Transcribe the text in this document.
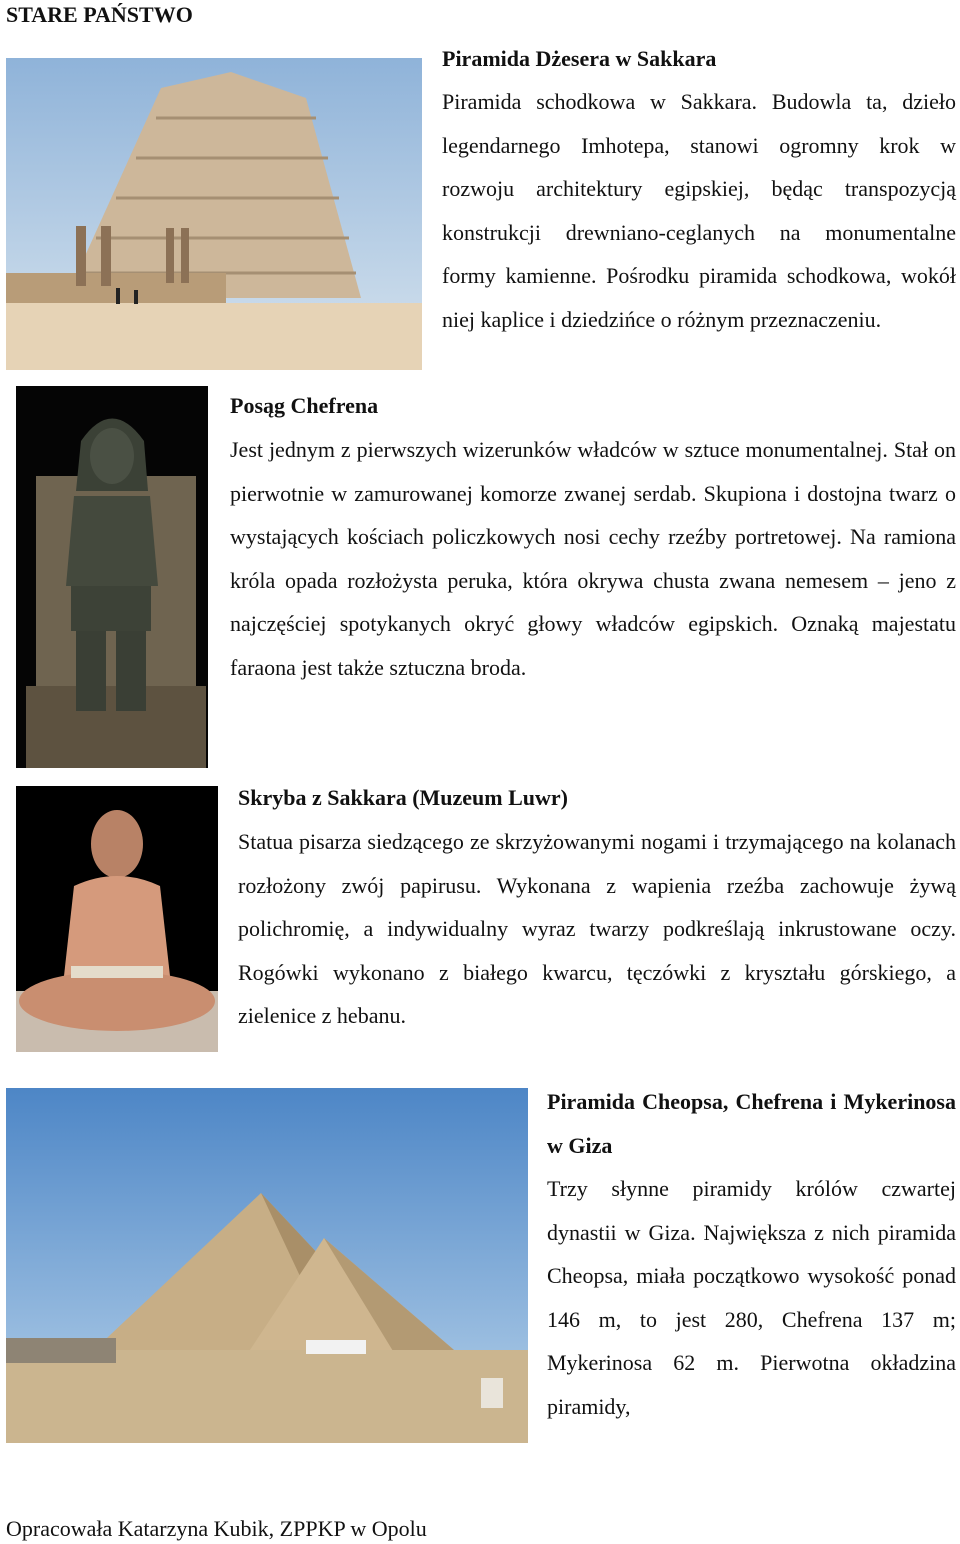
STARE PAŃSTWO
Piramida Dżesera w Sakkara
Piramida schodkowa w Sakkara. Budowla ta, dzieło legendarnego Imhotepa, stanowi ogromny krok w rozwoju architektury egipskiej, będąc transpozycją konstrukcji drewniano-ceglanych na monumentalne formy kamienne. Pośrodku piramida schodkowa, wokół niej kaplice i dziedzińce o różnym przeznaczeniu.
Posąg Chefrena
Jest jednym z pierwszych wizerunków władców w sztuce monumentalnej. Stał on pierwotnie w zamurowanej komorze zwanej serdab. Skupiona i dostojna twarz o wystających kościach policzkowych nosi cechy rzeźby portretowej. Na ramiona króla opada rozłożysta peruka, która okrywa chusta zwana nemesem – jeno z najczęściej spotykanych okryć głowy władców egipskich. Oznaką majestatu faraona jest także sztuczna broda.
Skryba z Sakkara (Muzeum Luwr)
Statua pisarza siedzącego ze skrzyżowanymi nogami i trzymającego na kolanach rozłożony zwój papirusu. Wykonana z wapienia rzeźba zachowuje żywą polichromię, a indywidualny wyraz twarzy podkreślają inkrustowane oczy. Rogówki wykonano z białego kwarcu, tęczówki z kryształu górskiego, a zielenice z hebanu.
Piramida Cheopsa, Chefrena i Mykerinosa w Giza
Trzy słynne piramidy królów czwartej dynastii w Giza. Największa z nich piramida Cheopsa, miała początkowo wysokość ponad 146 m, to jest 280, Chefrena 137 m; Mykerinosa 62 m. Pierwotna okładzina piramidy,
Opracowała Katarzyna Kubik, ZPPKP w Opolu
